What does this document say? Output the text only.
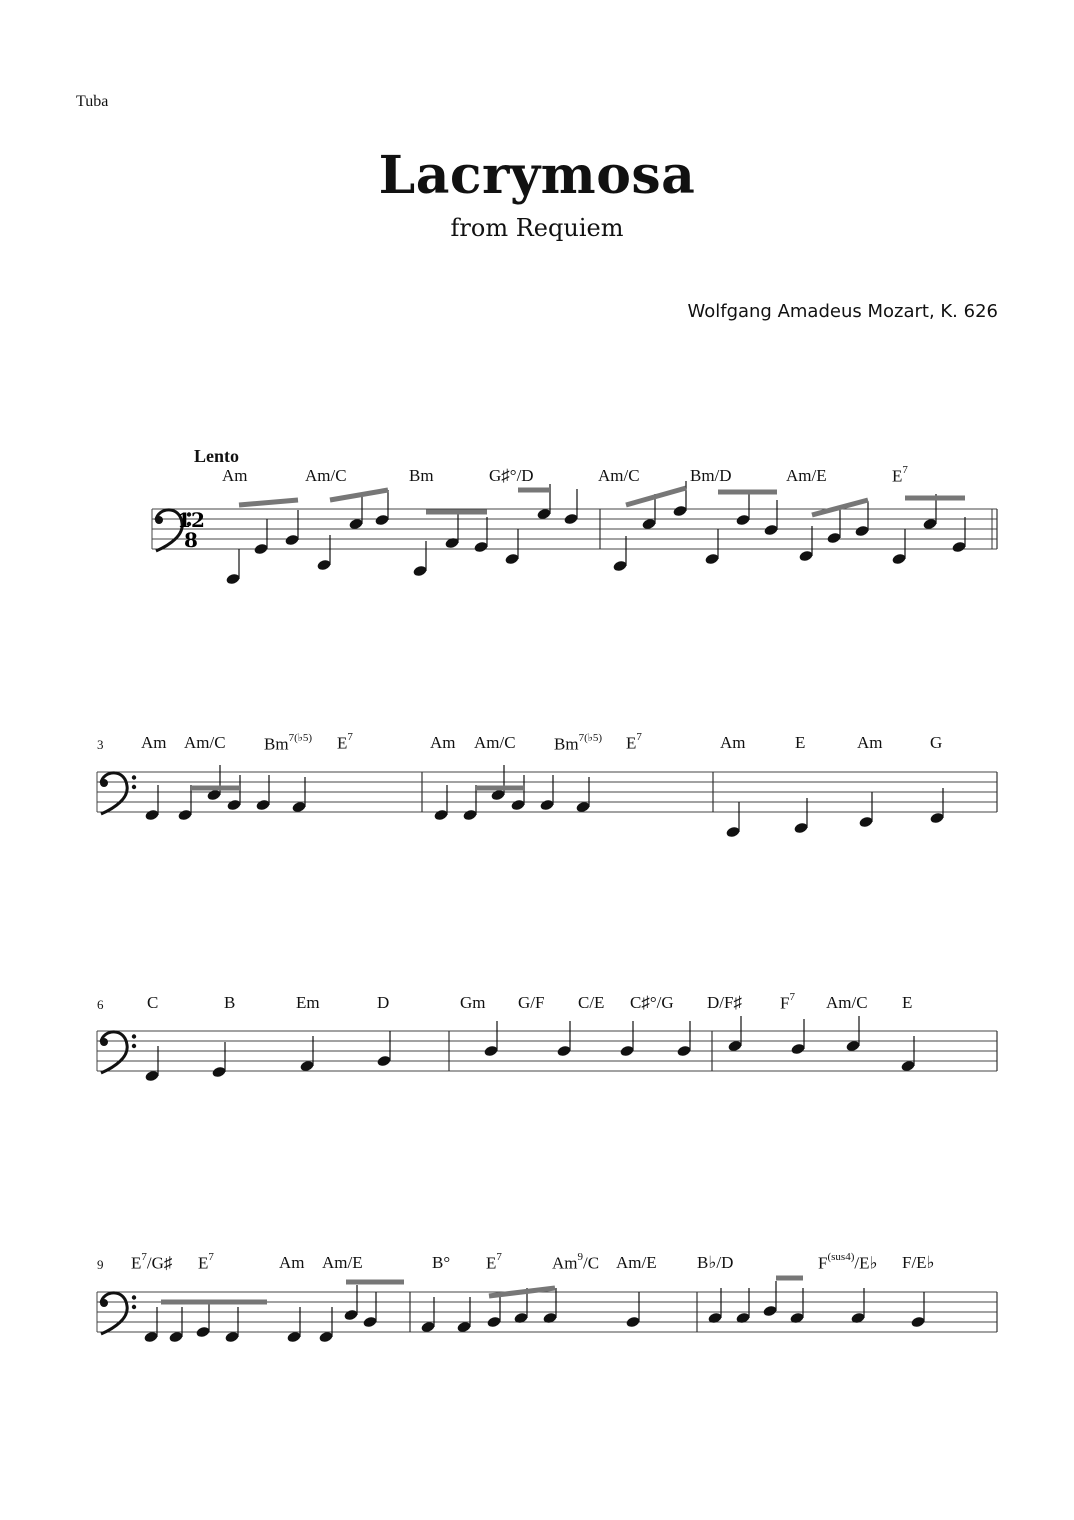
Tuba
Lacrymosa
from Requiem
Wolfgang Amadeus Mozart, K. 626
Lento
Am	Am/C	Bm	G♯°/D	Am/C	Bm/D	Am/E	$E^7$
3 Am Am/C $Bm^{7(♭5)}$ $E^7$	Am Am/C $Bm^{7(♭5)}$ $E^7$	Am	E	Am	G
6	C	B	Em	D	Gm G/F C/E C♯°/G D/F♯ $F^7$ Am/C E
9 $E^7/G♯$ $E^7$	Am Am/E	B° $E^7$	Am$^9$/C Am/E B♭/D	$F^{(sus4)}/E♭$ F/E♭
12
8
